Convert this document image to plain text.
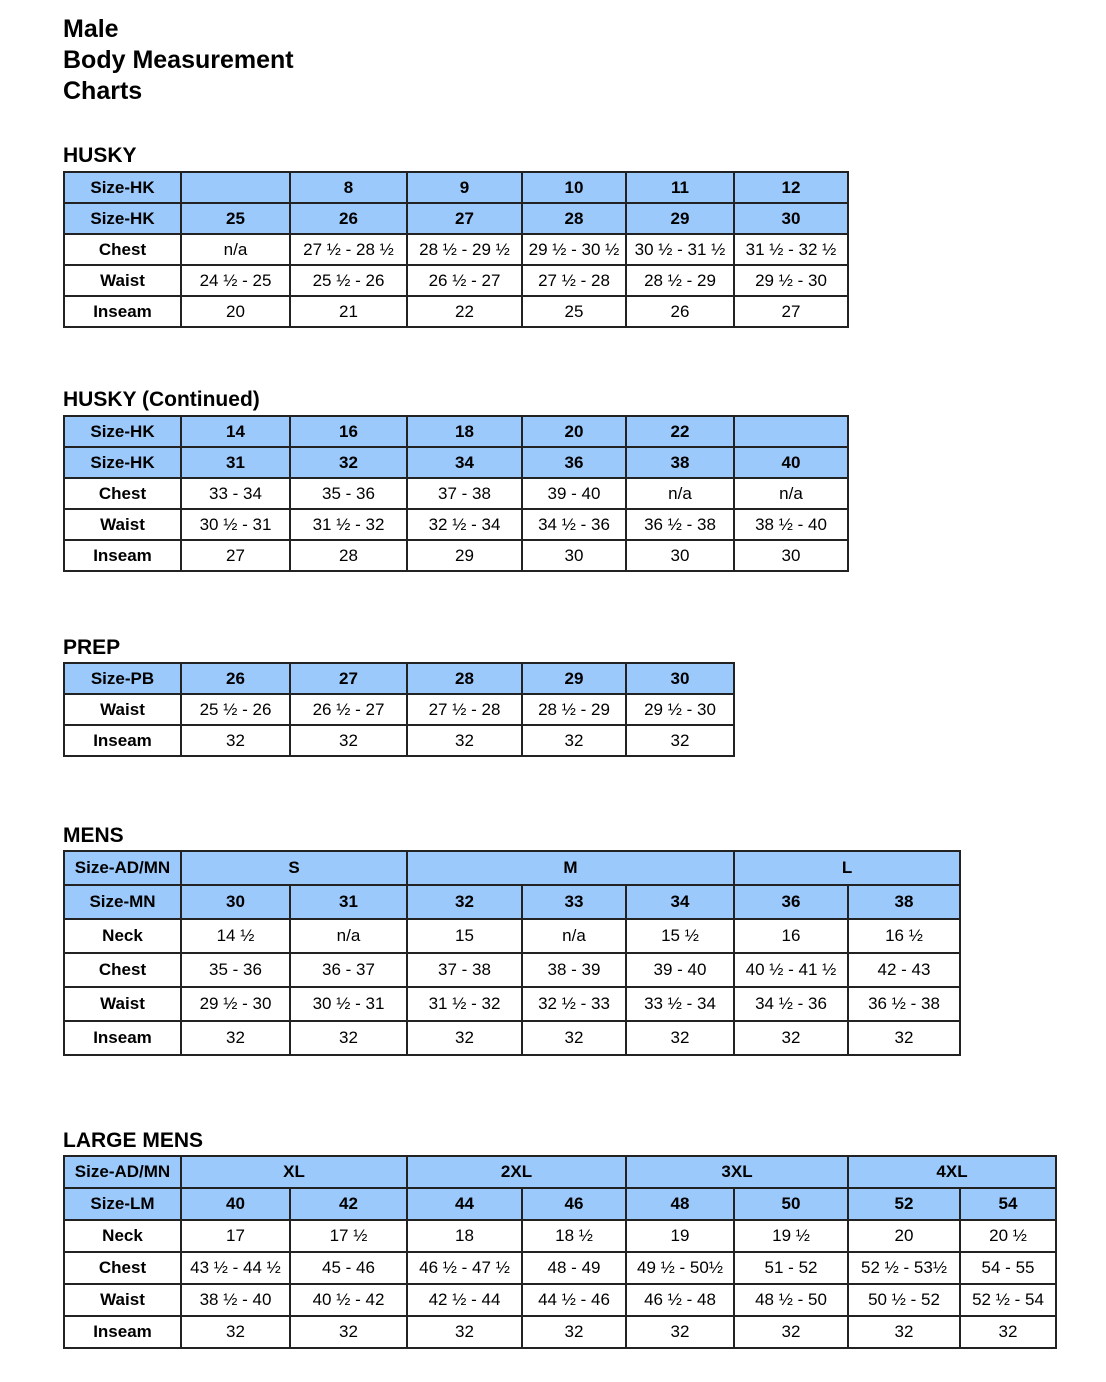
Male
Body Measurement
Charts
HUSKY
Size-HK		8	9	10	11	12
Size-HK	25	26	27	28	29	30
Chest	n/a	27 ½ - 28 ½	28 ½ - 29 ½	29 ½ - 30 ½	30 ½ - 31 ½	31 ½ - 32 ½
Waist	24 ½ - 25	25 ½ - 26	26 ½ - 27	27 ½ - 28	28 ½ - 29	29 ½ - 30
Inseam	20	21	22	25	26	27
HUSKY (Continued)
Size-HK	14	16	18	20	22	
Size-HK	31	32	34	36	38	40
Chest	33 - 34	35 - 36	37 - 38	39 - 40	n/a	n/a
Waist	30 ½ - 31	31 ½ - 32	32 ½ - 34	34 ½ - 36	36 ½ - 38	38 ½ - 40
Inseam	27	28	29	30	30	30
PREP
Size-PB	26	27	28	29	30
Waist	25 ½ - 26	26 ½ - 27	27 ½ - 28	28 ½ - 29	29 ½ - 30
Inseam	32	32	32	32	32
MENS
Size-AD/MN	S		M			L	
Size-MN	30	31	32	33	34	36	38
Neck	14 ½	n/a	15	n/a	15 ½	16	16 ½
Chest	35 - 36	36 - 37	37 - 38	38 - 39	39 - 40	40 ½ - 41 ½	42 - 43
Waist	29 ½ - 30	30 ½ - 31	31 ½ - 32	32 ½ - 33	33 ½ - 34	34 ½ - 36	36 ½ - 38
Inseam	32	32	32	32	32	32	32
LARGE MENS
Size-AD/MN	XL		2XL		3XL		4XL	
Size-LM	40	42	44	46	48	50	52	54
Neck	17	17 ½	18	18 ½	19	19 ½	20	20 ½
Chest	43 ½ - 44 ½	45 - 46	46 ½ - 47 ½	48 - 49	49 ½ - 50½	51 - 52	52 ½ - 53½	54 - 55
Waist	38 ½ - 40	40 ½ - 42	42 ½ - 44	44 ½ - 46	46 ½ - 48	48 ½ - 50	50 ½ - 52	52 ½ - 54
Inseam	32	32	32	32	32	32	32	32
